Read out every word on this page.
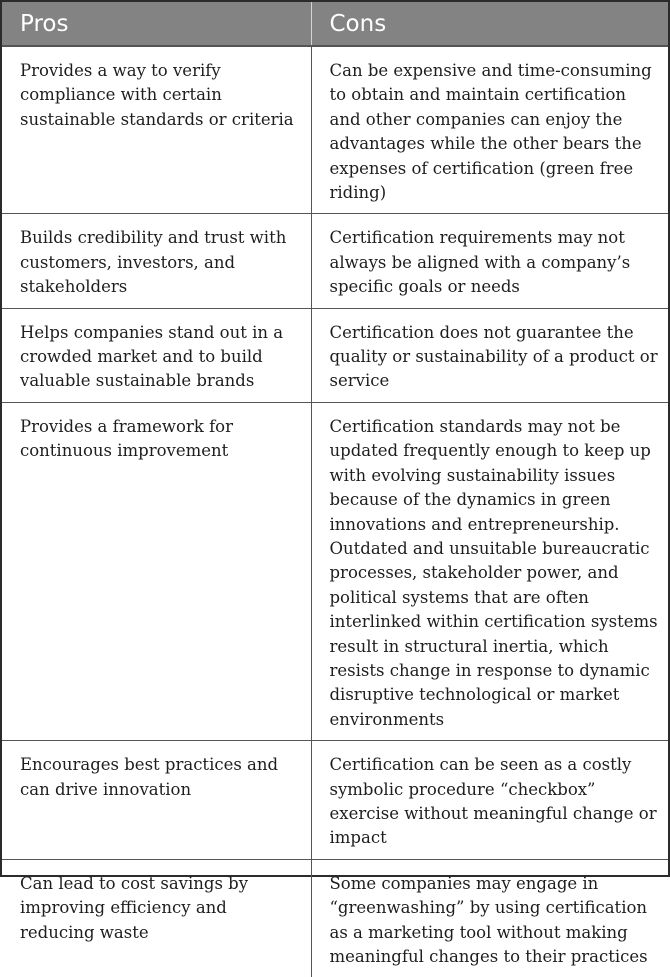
Pros	Cons
Provides a way to verify compliance with certain sustainable standards or criteria	Can be expensive and time-consuming to obtain and maintain certification and other companies can enjoy the advantages while the other bears the expenses of certification (green free riding)
Builds credibility and trust with customers, investors, and stakeholders	Certification requirements may not always be aligned with a company’s specific goals or needs
Helps companies stand out in a crowded market and to build valuable sustainable brands	Certification does not guarantee the quality or sustainability of a product or service
Provides a framework for continuous improvement	Certification standards may not be updated frequently enough to keep up with evolving sustainability issues because of the dynamics in green innovations and entrepreneurship. Outdated and unsuitable bureaucratic processes, stakeholder power, and political systems that are often interlinked within certification systems result in structural inertia, which resists change in response to dynamic disruptive technological or market environments
Encourages best practices and can drive innovation	Certification can be seen as a costly symbolic procedure “checkbox” exercise without meaningful change or impact
Can lead to cost savings by improving efficiency and reducing waste	Some companies may engage in “greenwashing” by using certification as a marketing tool without making meaningful changes to their practices
